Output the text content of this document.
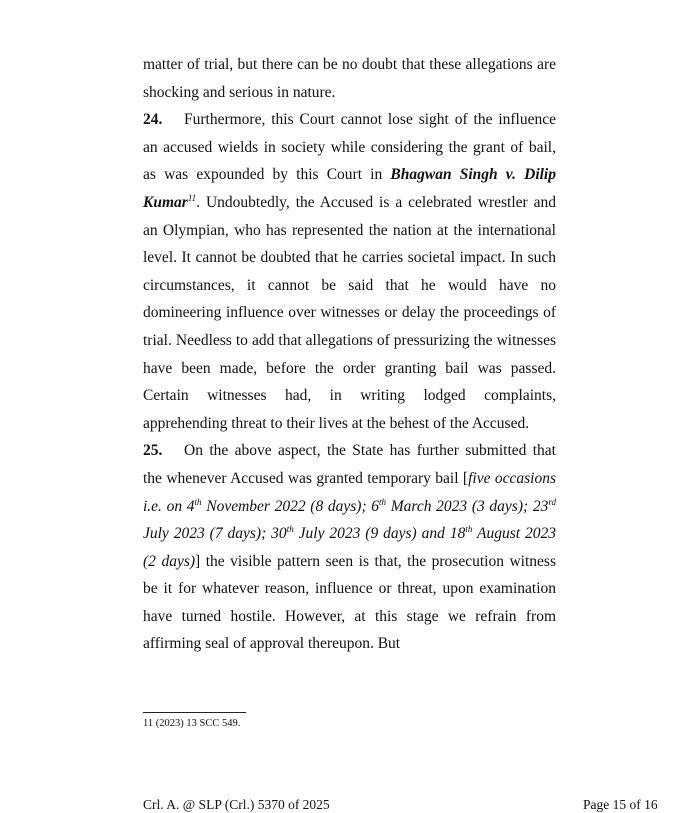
matter of trial, but there can be no doubt that these allegations are shocking and serious in nature.

24. Furthermore, this Court cannot lose sight of the influence an accused wields in society while considering the grant of bail, as was expounded by this Court in Bhagwan Singh v. Dilip Kumar$^{11}$. Undoubtedly, the Accused is a celebrated wrestler and an Olympian, who has represented the nation at the international level. It cannot be doubted that he carries societal impact. In such circumstances, it cannot be said that he would have no domineering influence over witnesses or delay the proceedings of trial. Needless to add that allegations of pressurizing the witnesses have been made, before the order granting bail was passed. Certain witnesses had, in writing lodged complaints, apprehending threat to their lives at the behest of the Accused.

25. On the above aspect, the State has further submitted that the whenever Accused was granted temporary bail [five occasions i.e. on 4th November 2022 (8 days); 6th March 2023 (3 days); 23rd July 2023 (7 days); 30th July 2023 (9 days) and 18th August 2023 (2 days)] the visible pattern seen is that, the prosecution witness be it for whatever reason, influence or threat, upon examination have turned hostile. However, at this stage we refrain from affirming seal of approval thereupon. But

11 (2023) 13 SCC 549.
Crl. A. @ SLP (Crl.) 5370 of 2025	Page 15 of 16
